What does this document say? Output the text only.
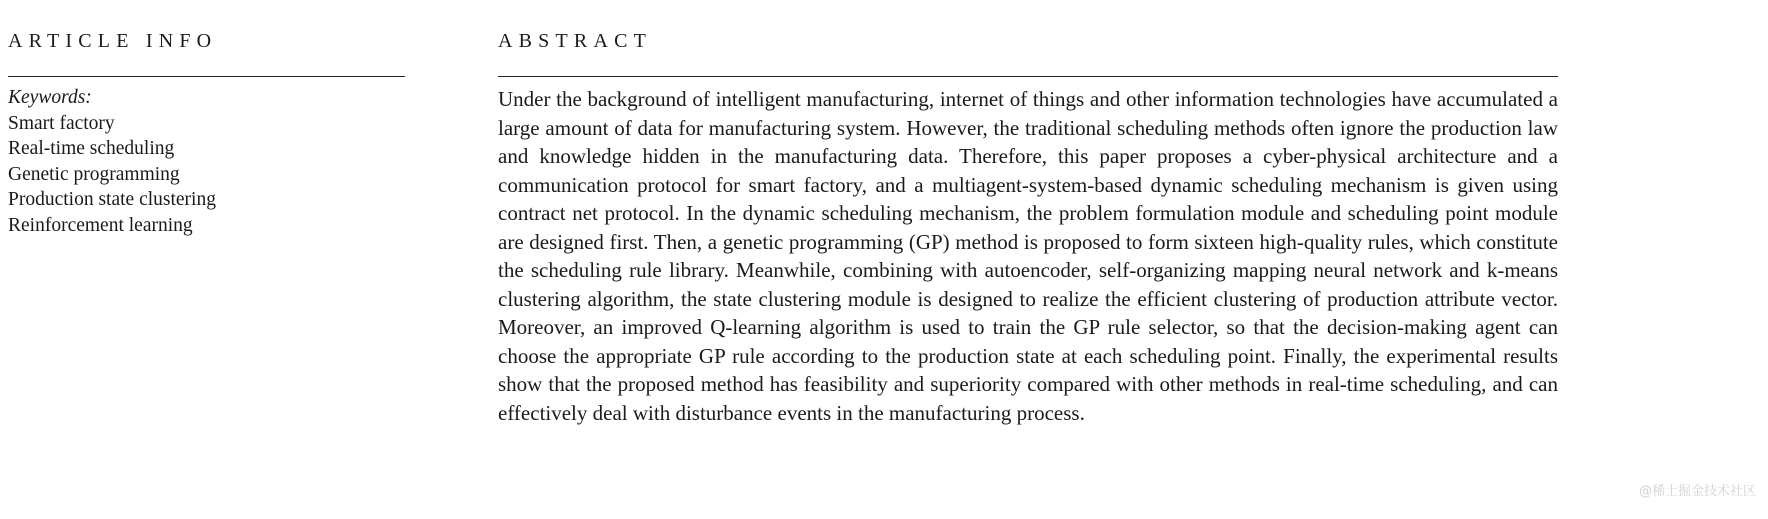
ARTICLE INFO
Keywords:
Smart factory
Real-time scheduling
Genetic programming
Production state clustering
Reinforcement learning
ABSTRACT

Under the background of intelligent manufacturing, internet of things and other information technologies have accumulated a large amount of data for manufacturing system. However, the traditional scheduling methods often ignore the production law and knowledge hidden in the manufacturing data. Therefore, this paper proposes a cyber-physical architecture and a communication protocol for smart factory, and a multiagent-system-based dynamic scheduling mechanism is given using contract net protocol. In the dynamic scheduling mechanism, the problem formulation module and scheduling point module are designed first. Then, a genetic programming (GP) method is proposed to form sixteen high-quality rules, which constitute the scheduling rule library. Meanwhile, combining with autoencoder, self-organizing mapping neural network and k-means clustering algorithm, the state clustering module is designed to realize the efficient clustering of production attribute vector. Moreover, an improved Q-learning algorithm is used to train the GP rule selector, so that the decision-making agent can choose the appropriate GP rule according to the production state at each scheduling point. Finally, the experimental results show that the proposed method has feasibility and superiority compared with other methods in real-time scheduling, and can effectively deal with disturbance events in the manufacturing process.

@稀土掘金技术社区
